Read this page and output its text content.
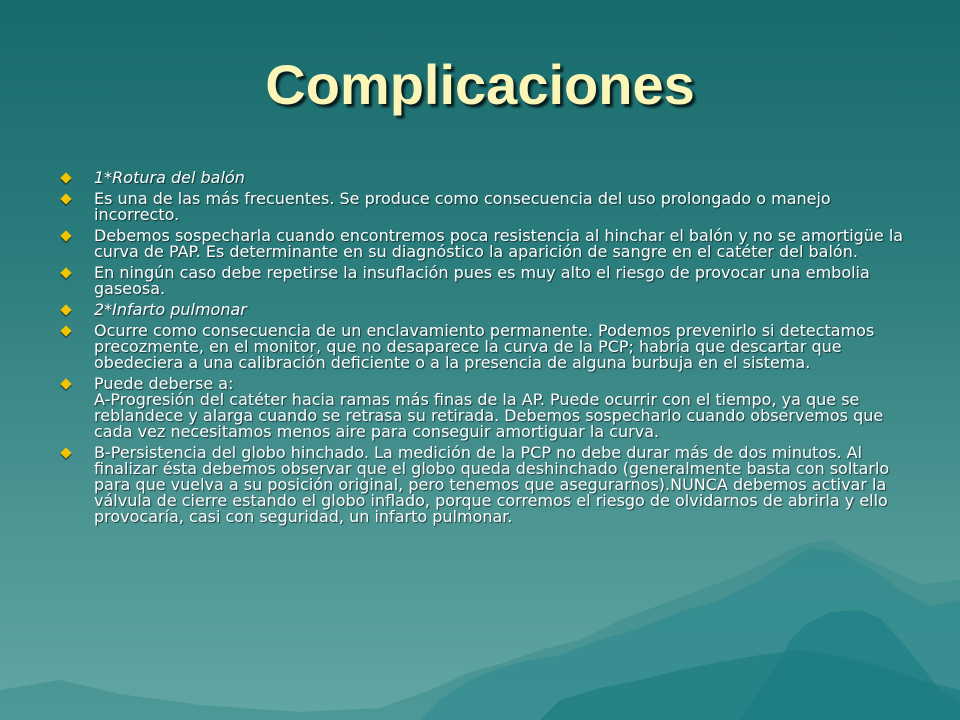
Complicaciones
1*Rotura del balón
Es una de las más frecuentes. Se produce como consecuencia del uso prolongado o manejo incorrecto.
Debemos sospecharla cuando encontremos poca resistencia al hinchar el balón y no se amortigüe la curva de PAP. Es determinante en su diagnóstico la aparición de sangre en el catéter del balón.
En ningún caso debe repetirse la insuflación pues es muy alto el riesgo de provocar una embolia gaseosa.
2*Infarto pulmonar
Ocurre como consecuencia de un enclavamiento permanente. Podemos prevenirlo si detectamos precozmente, en el monitor, que no desaparece la curva de la PCP; habría que descartar que obedeciera a una calibración deficiente o a la presencia de alguna burbuja en el sistema.
Puede deberse a:
A-Progresión del catéter hacia ramas más finas de la AP. Puede ocurrir con el tiempo, ya que se reblandece y alarga cuando se retrasa su retirada. Debemos sospecharlo cuando observemos que cada vez necesitamos menos aire para conseguir amortiguar la curva.
B-Persistencia del globo hinchado. La medición de la PCP no debe durar más de dos minutos. Al finalizar ésta debemos observar que el globo queda deshinchado (generalmente basta con soltarlo para que vuelva a su posición original, pero tenemos que asegurarnos).NUNCA debemos activar la válvula de cierre estando el globo inflado, porque corremos el riesgo de olvidarnos de abrirla y ello provocaría, casi con seguridad, un infarto pulmonar.
